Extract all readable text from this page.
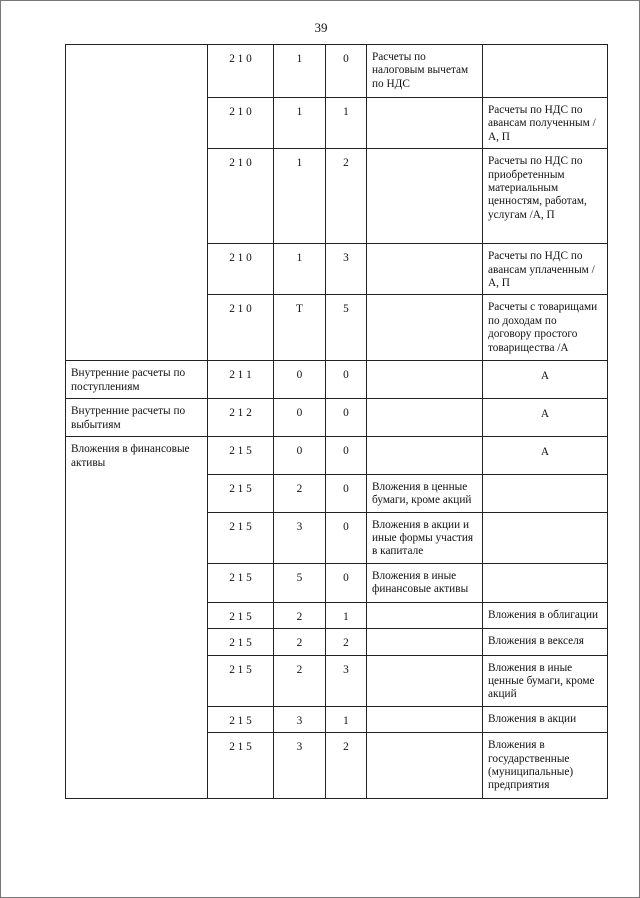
39
	2 1 0	1	0	Расчеты по налоговым вычетам по НДС	
	2 1 0	1	1		Расчеты по НДС по авансам полученным /А, П
	2 1 0	1	2		Расчеты по НДС по приобретенным материальным ценностям, работам, услугам /А, П
	2 1 0	1	3		Расчеты по НДС по авансам уплаченным /А, П
	2 1 0	Т	5		Расчеты с товарищами по доходам по договору простого товарищества /А
Внутренние расчеты по поступлениям	2 1 1	0	0		А
Внутренние расчеты по выбытиям	2 1 2	0	0		А
Вложения в финансовые активы	2 1 5	0	0		А
	2 1 5	2	0	Вложения в ценные бумаги, кроме акций	
	2 1 5	3	0	Вложения в акции и иные формы участия в капитале	
	2 1 5	5	0	Вложения в иные финансовые активы	
	2 1 5	2	1		Вложения в облигации
	2 1 5	2	2		Вложения в векселя
	2 1 5	2	3		Вложения в иные ценные бумаги, кроме акций
	2 1 5	3	1		Вложения в акции
	2 1 5	3	2		Вложения в государственные (муниципальные) предприятия
